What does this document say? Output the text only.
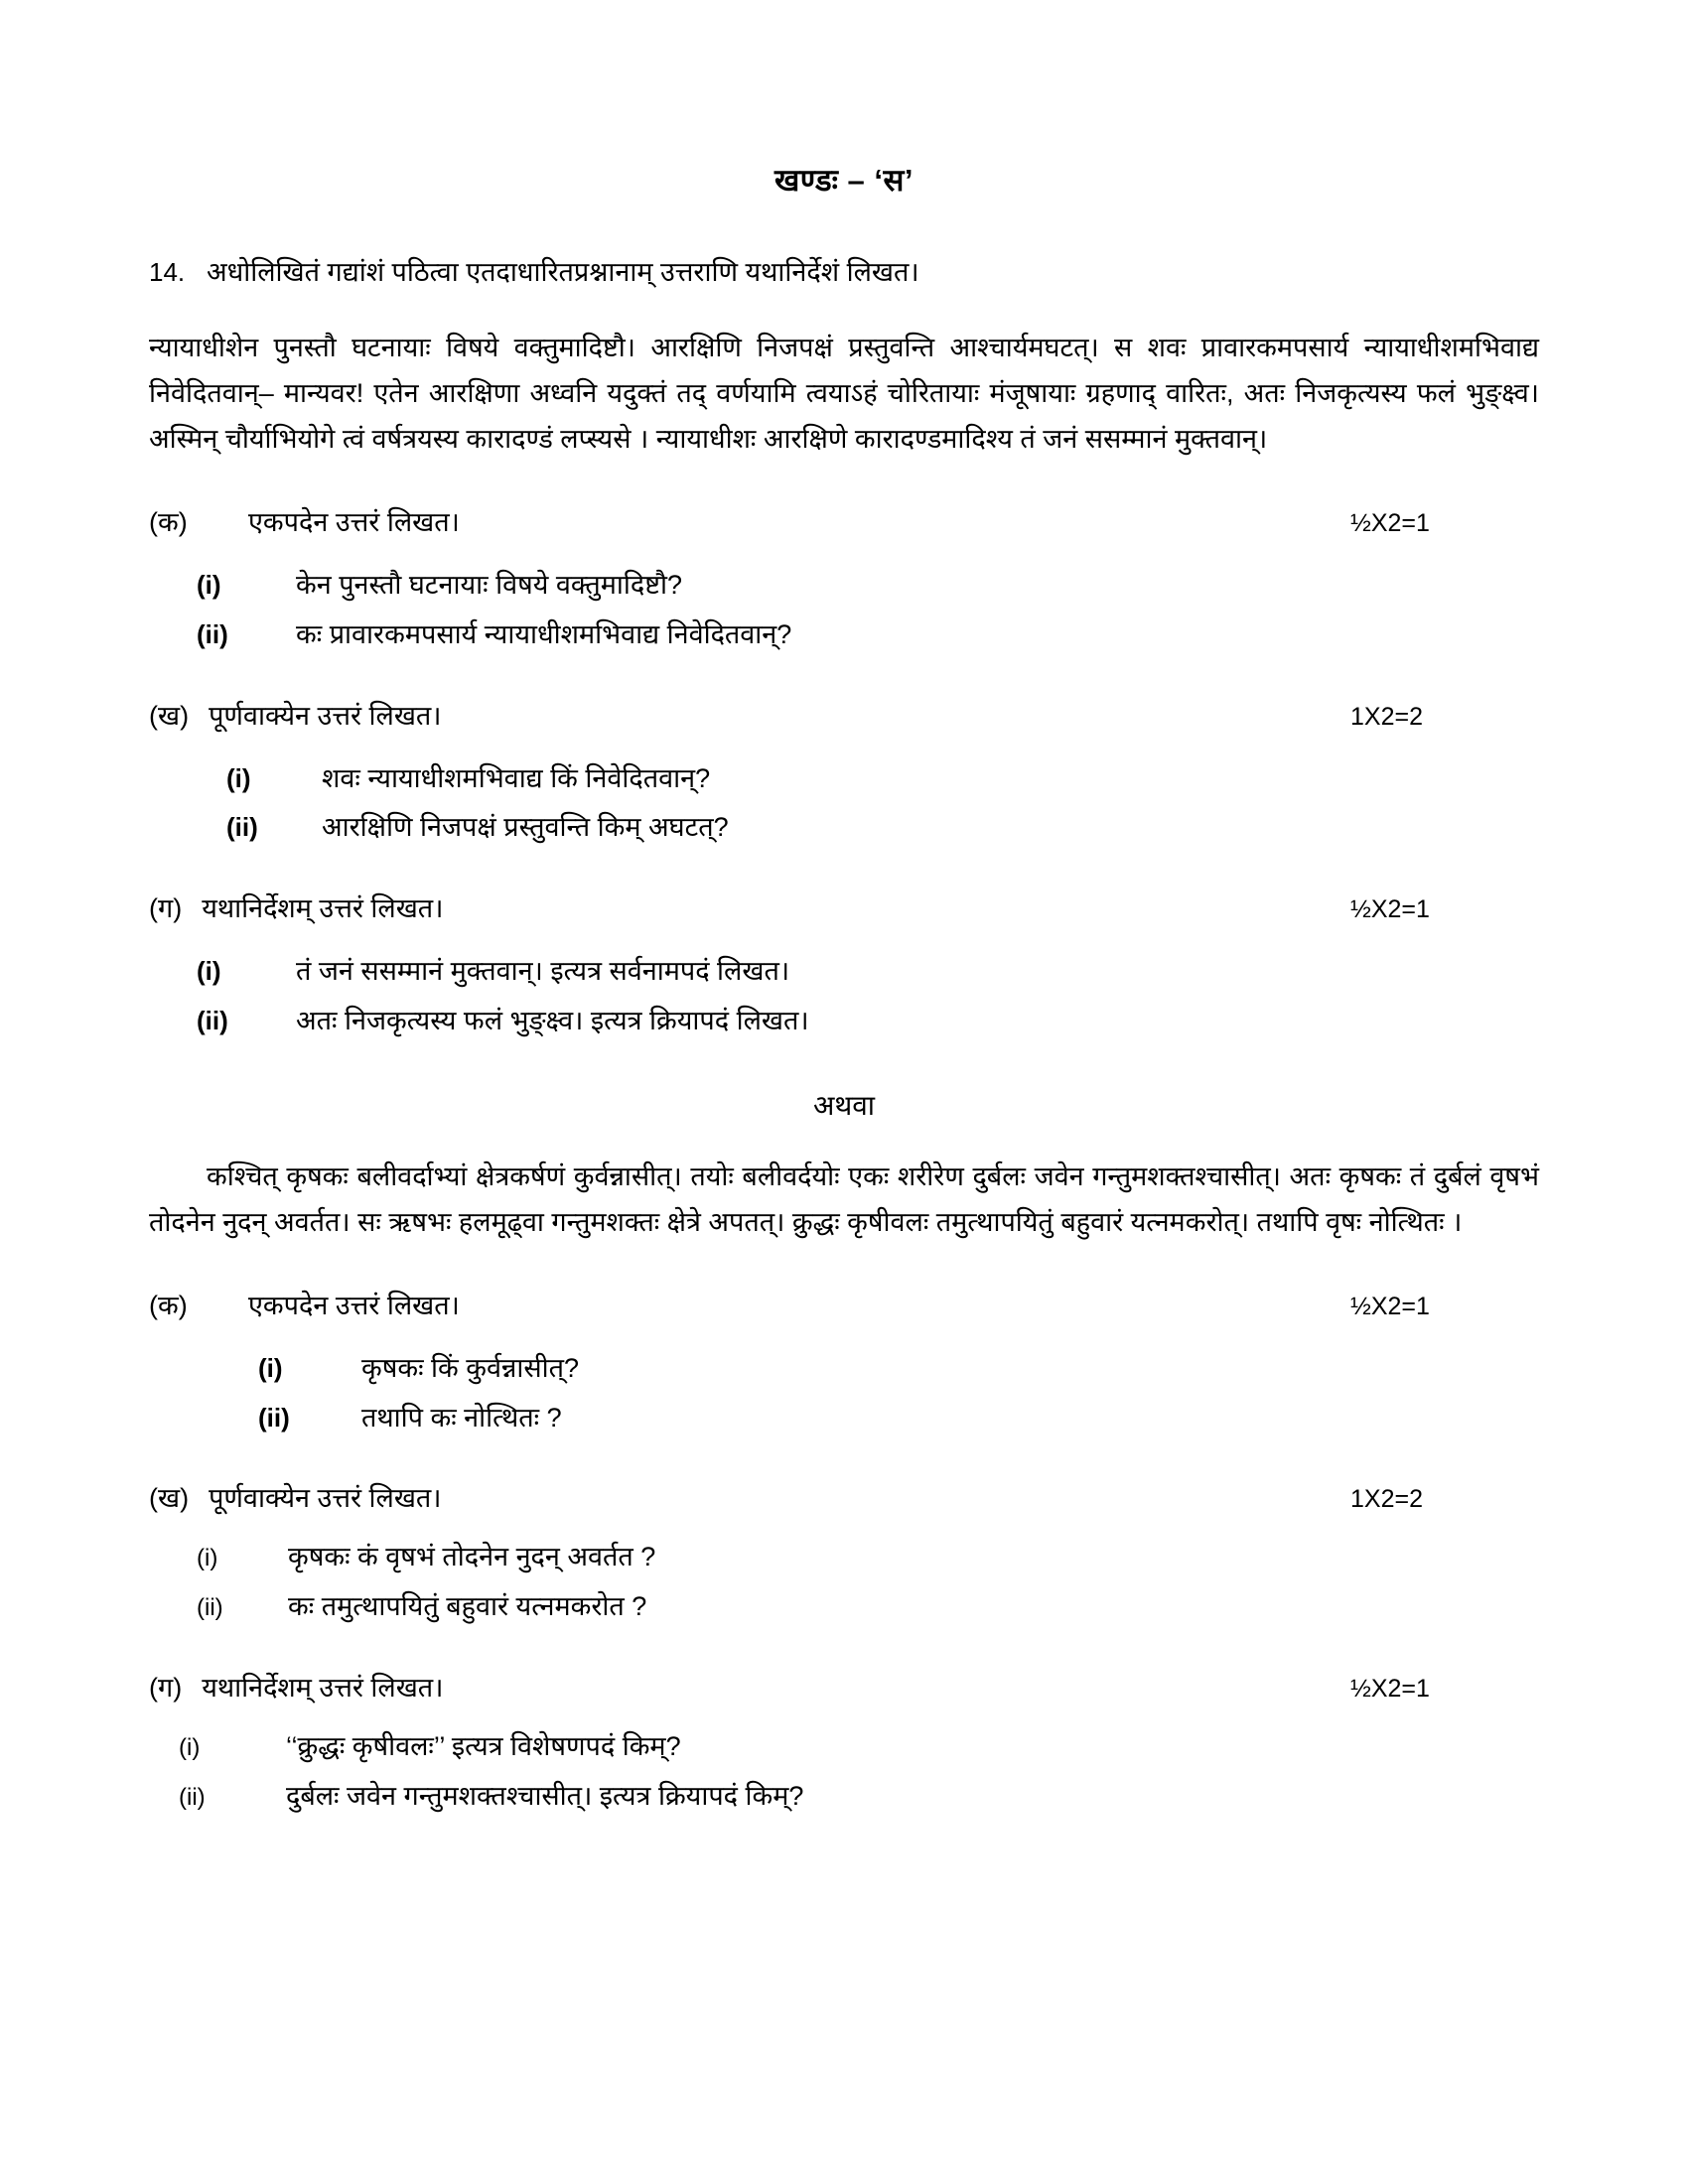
खण्डः – ‘स’
14. अधोलिखितं गद्यांशं पठित्वा एतदाधारितप्रश्नानाम् उत्तराणि यथानिर्देशं लिखत।
न्यायाधीशेन पुनस्तौ घटनायाः विषये वक्तुमादिष्टौ। आरक्षिणि निजपक्षं प्रस्तुवन्ति आश्चार्यमघटत्। स शवः प्रावारकमपसार्य न्यायाधीशमभिवाद्य निवेदितवान्– मान्यवर! एतेन आरक्षिणा अध्वनि यदुक्तं तद् वर्णयामि त्वयाऽहं चोरितायाः मंजूषायाः ग्रहणाद् वारितः, अतः निजकृत्यस्य फलं भुङ्क्ष्व। अस्मिन् चौर्याभियोगे त्वं वर्षत्रयस्य कारादण्डं लप्स्यसे । न्यायाधीशः आरक्षिणे कारादण्डमादिश्य तं जनं ससम्मानं मुक्तवान्।
(क)	एकपदेन उत्तरं लिखत।	½X2=1
(i)	केन पुनस्तौ घटनायाः विषये वक्तुमादिष्टौ?
(ii)	कः प्रावारकमपसार्य न्यायाधीशमभिवाद्य निवेदितवान्?
(ख) पूर्णवाक्येन उत्तरं लिखत।	1X2=2
(i)	शवः न्यायाधीशमभिवाद्य किं निवेदितवान्?
(ii)	आरक्षिणि निजपक्षं प्रस्तुवन्ति किम् अघटत्?
(ग) यथानिर्देशम् उत्तरं लिखत।	½X2=1
(i)	तं जनं ससम्मानं मुक्तवान्। इत्यत्र सर्वनामपदं लिखत।
(ii)	अतः निजकृत्यस्य फलं भुङ्क्ष्व। इत्यत्र क्रियापदं लिखत।
अथवा
कश्चित् कृषकः बलीवर्दाभ्यां क्षेत्रकर्षणं कुर्वन्नासीत्। तयोः बलीवर्दयोः एकः शरीरेण दुर्बलः जवेन गन्तुमशक्तश्चासीत्। अतः कृषकः तं दुर्बलं वृषभं तोदनेन नुदन् अवर्तत। सः ऋषभः हलमूढ्वा गन्तुमशक्तः क्षेत्रे अपतत्। क्रुद्धः कृषीवलः तमुत्थापयितुं बहुवारं यत्नमकरोत्। तथापि वृषः नोत्थितः ।
(क)	एकपदेन उत्तरं लिखत।	½X2=1
(i)	कृषकः किं कुर्वन्नासीत्?
(ii)	तथापि कः नोत्थितः ?
(ख) पूर्णवाक्येन उत्तरं लिखत।	1X2=2
(i)	कृषकः कं वृषभं तोदनेन नुदन् अवर्तत ?
(ii)	कः तमुत्थापयितुं बहुवारं यत्नमकरोत ?
(ग) यथानिर्देशम् उत्तरं लिखत।	½X2=1
(i)	‘‘क्रुद्धः कृषीवलः’’ इत्यत्र विशेषणपदं किम्?
(ii)	दुर्बलः जवेन गन्तुमशक्तश्चासीत्। इत्यत्र क्रियापदं किम्?
